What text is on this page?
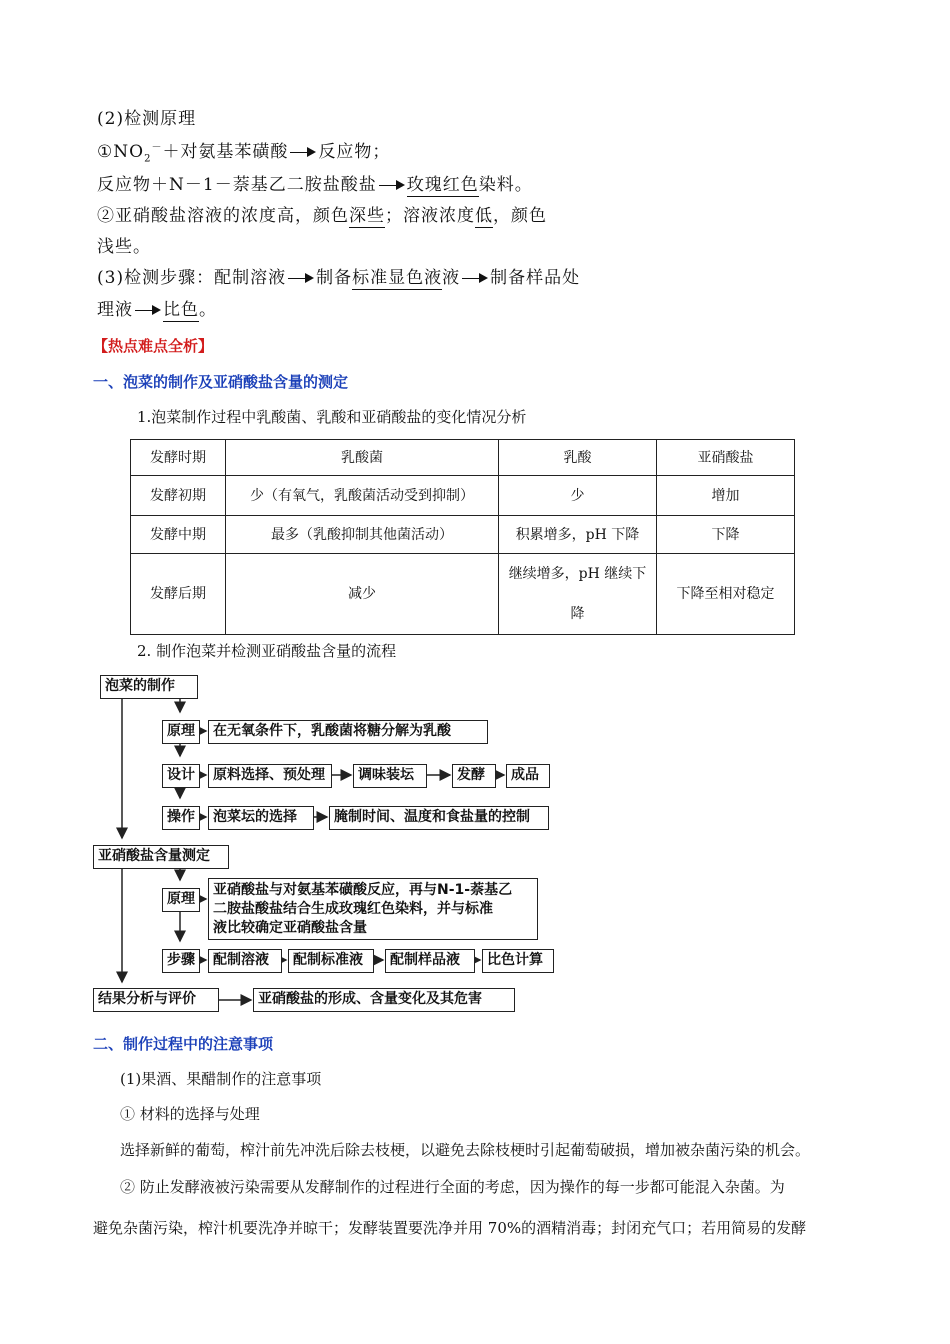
(2)检测原理
$①NO_2^-+$对氨基苯磺酸 反应物；
反应物＋N－1－萘基乙二胺盐酸盐 玫瑰红色染料。
②亚硝酸盐溶液的浓度高，颜色深些；溶液浓度低，颜色
浅些。
(3)检测步骤：配制溶液 制备标准显色液液 制备样品处
理液 比色。
【热点难点全析】
一、泡菜的制作及亚硝酸盐含量的测定
1.泡菜制作过程中乳酸菌、乳酸和亚硝酸盐的变化情况分析
发酵时期	乳酸菌	乳酸	亚硝酸盐
发酵初期	少（有氧气，乳酸菌活动受到抑制）	少	增加
发酵中期	最多（乳酸抑制其他菌活动）	积累增多，pH 下降	下降
发酵后期	减少	继续增多，pH 继续下降	下降至相对稳定
2. 制作泡菜并检测亚硝酸盐含量的流程
泡菜的制作
原理	在无氧条件下，乳酸菌将糖分解为乳酸
设计	原料选择、预处理	调味装坛	发酵	成品
操作	泡菜坛的选择	腌制时间、温度和食盐量的控制
亚硝酸盐含量测定
原理
亚硝酸盐与对氨基苯磺酸反应，再与N-1-萘基乙
二胺盐酸盐结合生成玫瑰红色染料，并与标准
液比较确定亚硝酸盐含量
步骤	配制溶液	配制标准液	配制样品液	比色计算
结果分析与评价	亚硝酸盐的形成、含量变化及其危害
二、制作过程中的注意事项
(1)果酒、果醋制作的注意事项
① 材料的选择与处理
选择新鲜的葡萄，榨汁前先冲洗后除去枝梗，以避免去除枝梗时引起葡萄破损，增加被杂菌污染的机会。
② 防止发酵液被污染需要从发酵制作的过程进行全面的考虑，因为操作的每一步都可能混入杂菌。为
避免杂菌污染，榨汁机要洗净并晾干；发酵装置要洗净并用 70%的酒精消毒；封闭充气口；若用简易的发酵
